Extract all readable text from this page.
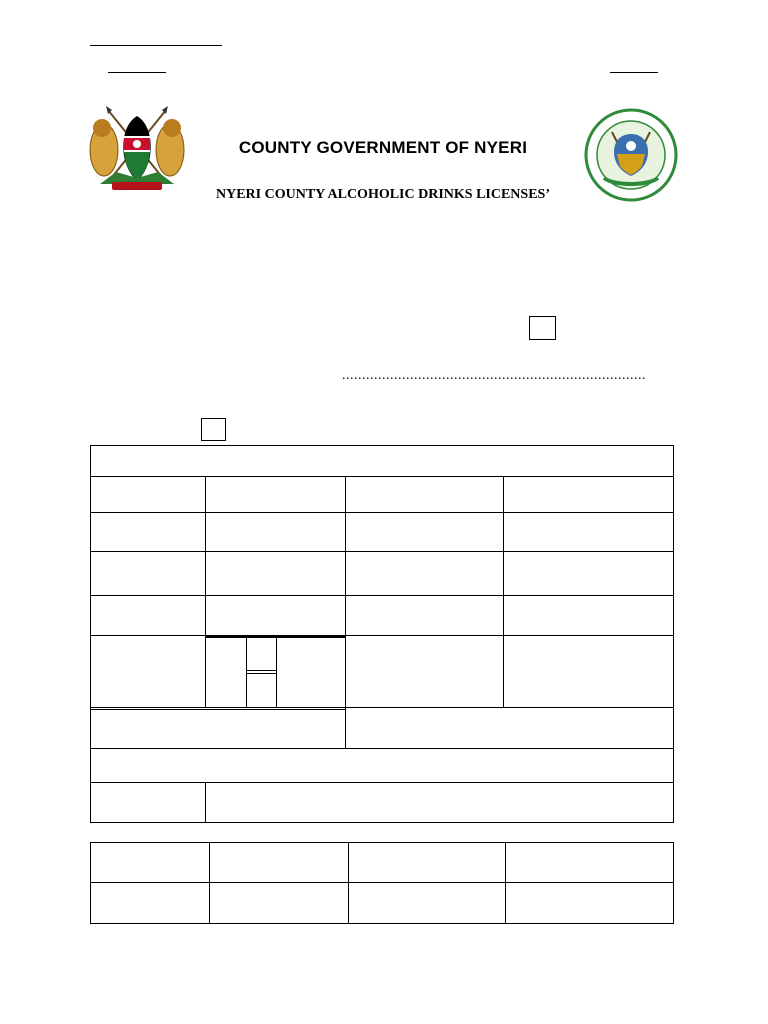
COUNTY GOVERNMENT OF NYERI
NYERI COUNTY ALCOHOLIC DRINKS LICENSES’
............................................................................
